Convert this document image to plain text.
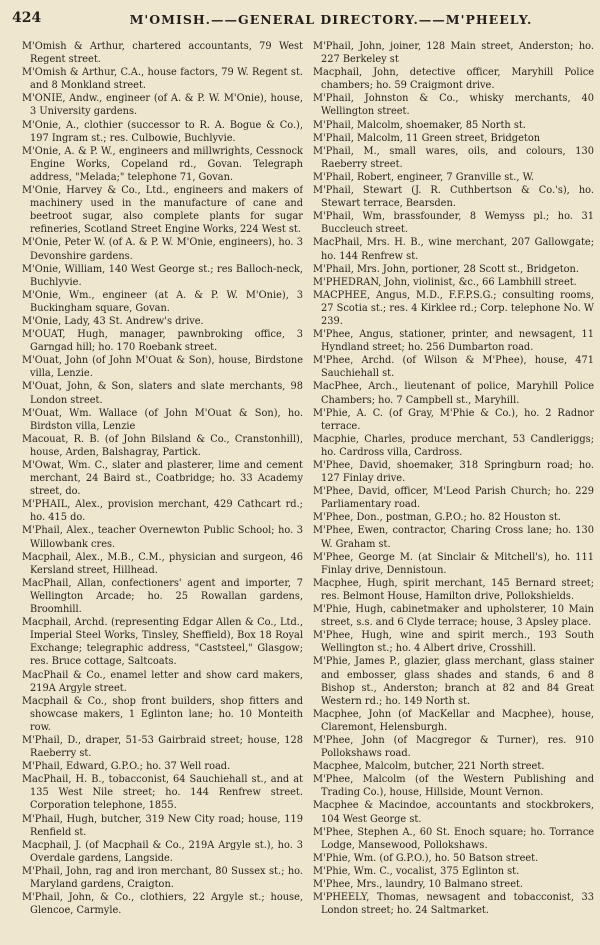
424	M'OMISH.——GENERAL DIRECTORY.——M'PHEELY.
M'Omish & Arthur, chartered accountants, 79 West Regent street.
M'Omish & Arthur, C.A., house factors, 79 W. Regent st. and 8 Monkland street.
M'ONIE, Andw., engineer (of A. & P. W. M'Onie), house, 3 University gardens.
M'Onie, A., clothier (successor to R. A. Bogue & Co.), 197 Ingram st.; res. Culbowie, Buchlyvie.
M'Onie, A. & P. W., engineers and millwrights, Cessnock Engine Works, Copeland rd., Govan. Telegraph address, "Melada;" telephone 71, Govan.
M'Onie, Harvey & Co., Ltd., engineers and makers of machinery used in the manufacture of cane and beetroot sugar, also complete plants for sugar refineries, Scotland Street Engine Works, 224 West st.
M'Onie, Peter W. (of A. & P. W. M'Onie, engineers), ho. 3 Devonshire gardens.
M'Onie, William, 140 West George st.; res Balloch-neck, Buchlyvie.
M'Onie, Wm., engineer (at A. & P. W. M'Onie), 3 Buckingham square, Govan.
M'Onie, Lady, 43 St. Andrew's drive.
M'OUAT, Hugh, manager, pawnbroking office, 3 Garngad hill; ho. 170 Roebank street.
M'Ouat, John (of John M'Ouat & Son), house, Birdstone villa, Lenzie.
M'Ouat, John, & Son, slaters and slate merchants, 98 London street.
M'Ouat, Wm. Wallace (of John M'Ouat & Son), ho. Birdston villa, Lenzie
Macouat, R. B. (of John Bilsland & Co., Cranstonhill), house, Arden, Balshagray, Partick.
M'Owat, Wm. C., slater and plasterer, lime and cement merchant, 24 Baird st., Coatbridge; ho. 33 Academy street, do.
M'PHAIL, Alex., provision merchant, 429 Cathcart rd.; ho. 415 do.
M'Phail, Alex., teacher Overnewton Public School; ho. 3 Willowbank cres.
Macphail, Alex., M.B., C.M., physician and surgeon, 46 Kersland street, Hillhead.
MacPhail, Allan, confectioners' agent and importer, 7 Wellington Arcade; ho. 25 Rowallan gardens, Broomhill.
Macphail, Archd. (representing Edgar Allen & Co., Ltd., Imperial Steel Works, Tinsley, Sheffield), Box 18 Royal Exchange; telegraphic address, "Caststeel," Glasgow; res. Bruce cottage, Saltcoats.
MacPhail & Co., enamel letter and show card makers, 219A Argyle street.
Macphail & Co., shop front builders, shop fitters and showcase makers, 1 Eglinton lane; ho. 10 Monteith row.
M'Phail, D., draper, 51-53 Gairbraid street; house, 128 Raeberry st.
M'Phail, Edward, G.P.O.; ho. 37 Well road.
MacPhail, H. B., tobacconist, 64 Sauchiehall st., and at 135 West Nile street; ho. 144 Renfrew street. Corporation telephone, 1855.
M'Phail, Hugh, butcher, 319 New City road; house, 119 Renfield st.
Macphail, J. (of Macphail & Co., 219A Argyle st.), ho. 3 Overdale gardens, Langside.
M'Phail, John, rag and iron merchant, 80 Sussex st.; ho. Maryland gardens, Craigton.
M'Phail, John, & Co., clothiers, 22 Argyle st.; house, Glencoe, Carmyle.
M'Phail, John, joiner, 128 Main street, Anderston; ho. 227 Berkeley st
Macphail, John, detective officer, Maryhill Police chambers; ho. 59 Craigmont drive.
M'Phail, Johnston & Co., whisky merchants, 40 Wellington street.
M'Phail, Malcolm, shoemaker, 85 North st.
M'Phail, Malcolm, 11 Green street, Bridgeton
M'Phail, M., small wares, oils, and colours, 130 Raeberry street.
M'Phail, Robert, engineer, 7 Granville st., W.
M'Phail, Stewart (J. R. Cuthbertson & Co.'s), ho. Stewart terrace, Bearsden.
M'Phail, Wm, brassfounder, 8 Wemyss pl.; ho. 31 Buccleuch street.
MacPhail, Mrs. H. B., wine merchant, 207 Gallowgate; ho. 144 Renfrew st.
M'Phail, Mrs. John, portioner, 28 Scott st., Bridgeton.
M'PHEDRAN, John, violinist, &c., 66 Lambhill street.
MACPHEE, Angus, M.D., F.F.P.S.G.; consulting rooms, 27 Scotia st.; res. 4 Kirklee rd.; Corp. telephone No. W 239.
M'Phee, Angus, stationer, printer, and newsagent, 11 Hyndland street; ho. 256 Dumbarton road.
M'Phee, Archd. (of Wilson & M'Phee), house, 471 Sauchiehall st.
MacPhee, Arch., lieutenant of police, Maryhill Police Chambers; ho. 7 Campbell st., Maryhill.
M'Phie, A. C. (of Gray, M'Phie & Co.), ho. 2 Radnor terrace.
Macphie, Charles, produce merchant, 53 Candleriggs; ho. Cardross villa, Cardross.
M'Phee, David, shoemaker, 318 Springburn road; ho. 127 Finlay drive.
M'Phee, David, officer, M'Leod Parish Church; ho. 229 Parliamentary road.
M'Phee, Don., postman, G.P.O.; ho. 82 Houston st.
M'Phee, Ewen, contractor, Charing Cross lane; ho. 130 W. Graham st.
M'Phee, George M. (at Sinclair & Mitchell's), ho. 111 Finlay drive, Dennistoun.
Macphee, Hugh, spirit merchant, 145 Bernard street; res. Belmont House, Hamilton drive, Pollokshields.
M'Phie, Hugh, cabinetmaker and upholsterer, 10 Main street, s.s. and 6 Clyde terrace; house, 3 Apsley place.
M'Phee, Hugh, wine and spirit merch., 193 South Wellington st.; ho. 4 Albert drive, Crosshill.
M'Phie, James P., glazier, glass merchant, glass stainer and embosser, glass shades and stands, 6 and 8 Bishop st., Anderston; branch at 82 and 84 Great Western rd.; ho. 149 North st.
Macphee, John (of MacKellar and Macphee), house, Claremont, Helensburgh.
M'Phee, John (of Macgregor & Turner), res. 910 Pollokshaws road.
Macphee, Malcolm, butcher, 221 North street.
M'Phee, Malcolm (of the Western Publishing and Trading Co.), house, Hillside, Mount Vernon.
Macphee & Macindoe, accountants and stockbrokers, 104 West George st.
M'Phee, Stephen A., 60 St. Enoch square; ho. Torrance Lodge, Mansewood, Pollokshaws.
M'Phie, Wm. (of G.P.O.), ho. 50 Batson street.
M'Phie, Wm. C., vocalist, 375 Eglinton st.
M'Phee, Mrs., laundry, 10 Balmano street.
M'PHEELY, Thomas, newsagent and tobacconist, 33 London street; ho. 24 Saltmarket.
